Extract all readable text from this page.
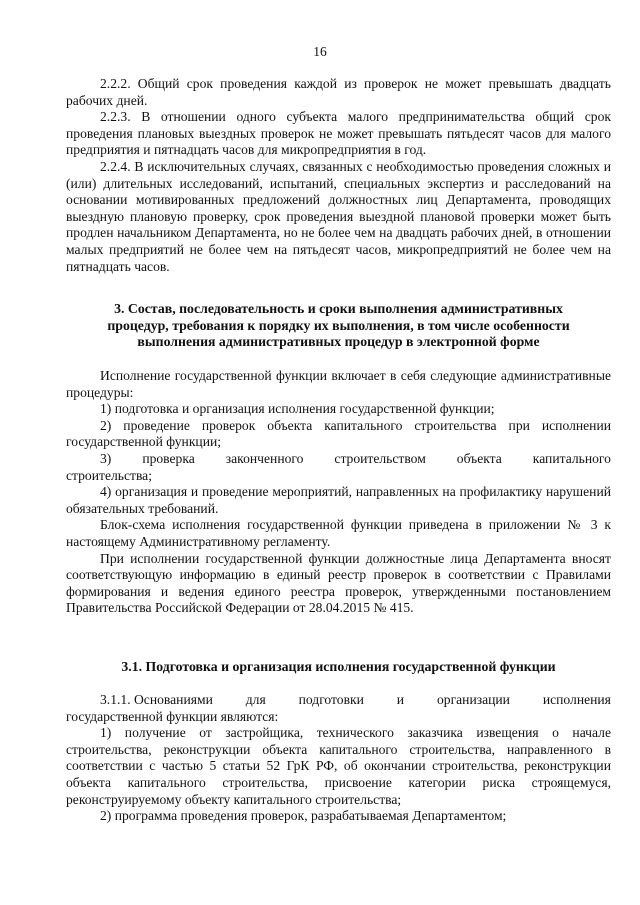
16

2.2.2. Общий срок проведения каждой из проверок не может превышать двадцать рабочих дней.

2.2.3. В отношении одного субъекта малого предпринимательства общий срок проведения плановых выездных проверок не может превышать пятьдесят часов для малого предприятия и пятнадцать часов для микропредприятия в год.

2.2.4. В исключительных случаях, связанных с необходимостью проведения сложных и (или) длительных исследований, испытаний, специальных экспертиз и расследований на основании мотивированных предложений должностных лиц Департамента, проводящих выездную плановую проверку, срок проведения выездной плановой проверки может быть продлен начальником Департамента, но не более чем на двадцать рабочих дней, в отношении малых предприятий не более чем на пятьдесят часов, микропредприятий не более чем на пятнадцать часов.

3. Состав, последовательность и сроки выполнения административных
процедур, требования к порядку их выполнения, в том числе особенности
выполнения административных процедур в электронной форме

Исполнение государственной функции включает в себя следующие административные процедуры:

1) подготовка и организация исполнения государственной функции;

2) проведение проверок объекта капитального строительства при исполнении государственной функции;

3) проверка законченного строительством объекта капитального
строительства;

4) организация и проведение мероприятий, направленных на профилактику нарушений обязательных требований.

Блок-схема исполнения государственной функции приведена в приложении № 3 к настоящему Административному регламенту.

При исполнении государственной функции должностные лица Департамента вносят соответствующую информацию в единый реестр проверок в соответствии с Правилами формирования и ведения единого реестра проверок, утвержденными постановлением Правительства Российской Федерации от 28.04.2015 № 415.

3.1. Подготовка и организация исполнения государственной функции
3.1.1. Основаниями для подготовки и организации исполнения
государственной функции являются:

1) получение от застройщика, технического заказчика извещения о начале строительства, реконструкции объекта капитального строительства, направленного в соответствии с частью 5 статьи 52 ГрК РФ, об окончании строительства, реконструкции объекта капитального строительства, присвоение категории риска строящемуся, реконструируемому объекту капитального строительства;

2) программа проведения проверок, разрабатываемая Департаментом;
